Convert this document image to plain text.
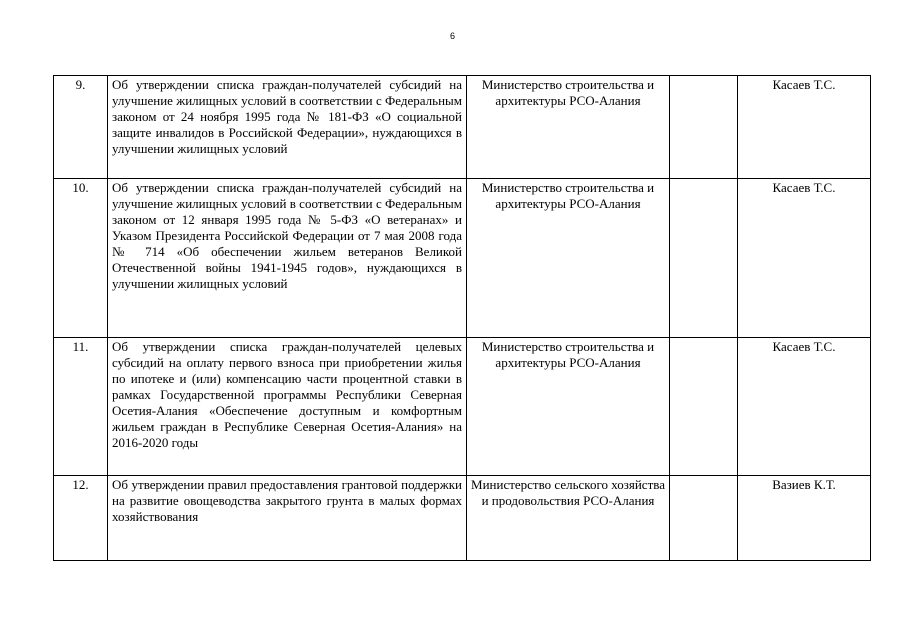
6
9.	Об утверждении списка граждан-получателей субсидий на улучшение жилищных условий в соответствии с Федеральным законом от 24 ноября 1995 года № 181-ФЗ «О социальной защите инвалидов в Российской Федерации», нуждающихся в улучшении жилищных условий	Министерство строительства и архитектуры РСО-Алания		Касаев Т.С.
10.	Об утверждении списка граждан-получателей субсидий на улучшение жилищных условий в соответствии с Федеральным законом от 12 января 1995 года № 5-ФЗ «О ветеранах» и Указом Президента Российской Федерации от 7 мая 2008 года № 714 «Об обеспечении жильем ветеранов Великой Отечественной войны 1941-1945 годов», нуждающихся в улучшении жилищных условий	Министерство строительства и архитектуры РСО-Алания		Касаев Т.С.
11.	Об утверждении списка граждан-получателей целевых субсидий на оплату первого взноса при приобретении жилья по ипотеке и (или) компенсацию части процентной ставки в рамках Государственной программы Республики Северная Осетия-Алания «Обеспечение доступным и комфортным жильем граждан в Республике Северная Осетия-Алания» на 2016-2020 годы	Министерство строительства и архитектуры РСО-Алания		Касаев Т.С.
12.	Об утверждении правил предоставления грантовой поддержки на развитие овощеводства закрытого грунта в малых формах хозяйствования	Министерство сельского хозяйства и продовольствия РСО-Алания		Вазиев К.Т.
